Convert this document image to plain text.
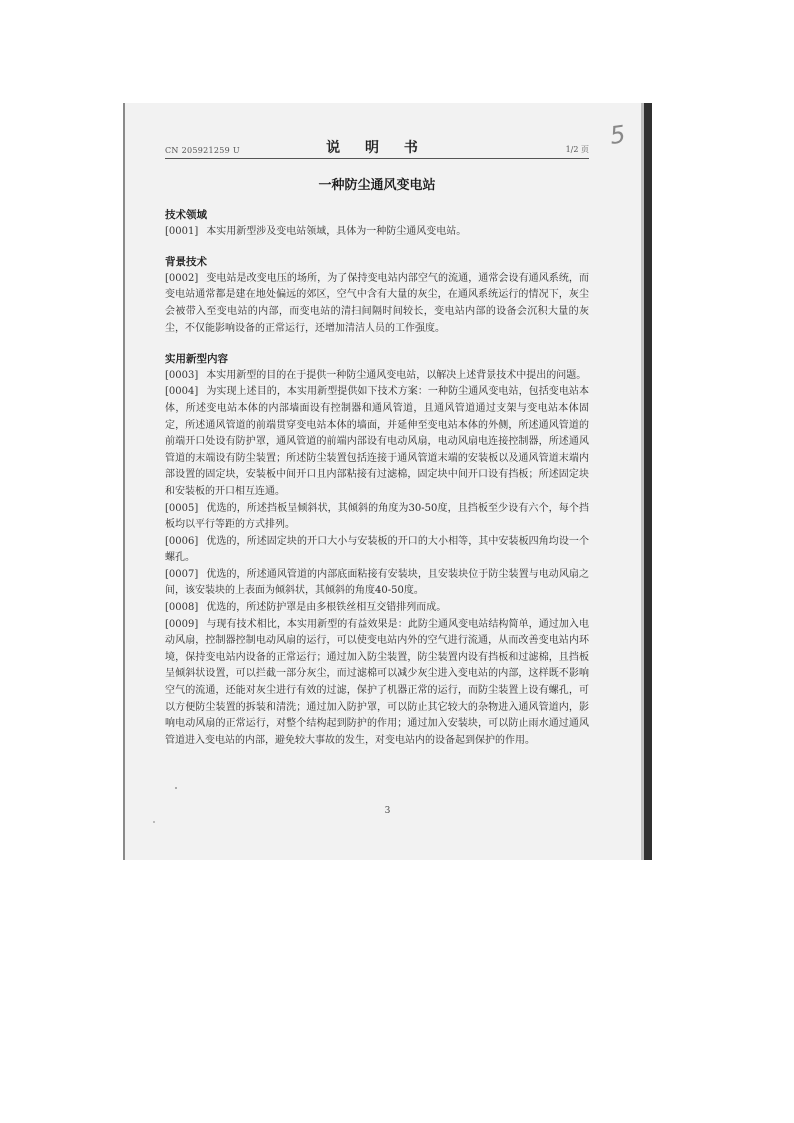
CN 205921259 U	说 明 书	1/2 页 5
一种防尘通风变电站
技术领域

[0001] 本实用新型涉及变电站领域，具体为一种防尘通风变电站。

背景技术

[0002] 变电站是改变电压的场所，为了保持变电站内部空气的流通，通常会设有通风系统，而变电站通常都是建在地处偏远的郊区，空气中含有大量的灰尘，在通风系统运行的情况下，灰尘会被带入至变电站的内部，而变电站的清扫间隔时间较长，变电站内部的设备会沉积大量的灰尘，不仅能影响设备的正常运行，还增加清洁人员的工作强度。

实用新型内容

[0003] 本实用新型的目的在于提供一种防尘通风变电站，以解决上述背景技术中提出的问题。

[0004] 为实现上述目的，本实用新型提供如下技术方案：一种防尘通风变电站，包括变电站本体，所述变电站本体的内部墙面设有控制器和通风管道，且通风管道通过支架与变电站本体固定，所述通风管道的前端贯穿变电站本体的墙面，并延伸至变电站本体的外侧，所述通风管道的前端开口处设有防护罩，通风管道的前端内部设有电动风扇，电动风扇电连接控制器，所述通风管道的末端设有防尘装置；所述防尘装置包括连接于通风管道末端的安装板以及通风管道末端内部设置的固定块，安装板中间开口且内部粘接有过滤棉，固定块中间开口设有挡板；所述固定块和安装板的开口相互连通。

[0005] 优选的，所述挡板呈倾斜状，其倾斜的角度为30-50度，且挡板至少设有六个，每个挡板均以平行等距的方式排列。

[0006] 优选的，所述固定块的开口大小与安装板的开口的大小相等，其中安装板四角均设一个螺孔。

[0007] 优选的，所述通风管道的内部底面粘接有安装块，且安装块位于防尘装置与电动风扇之间，该安装块的上表面为倾斜状，其倾斜的角度40-50度。

[0008] 优选的，所述防护罩是由多根铁丝相互交错排列而成。

[0009] 与现有技术相比，本实用新型的有益效果是：此防尘通风变电站结构简单，通过加入电动风扇，控制器控制电动风扇的运行，可以使变电站内外的空气进行流通，从而改善变电站内环境，保持变电站内设备的正常运行；通过加入防尘装置，防尘装置内设有挡板和过滤棉，且挡板呈倾斜状设置，可以拦截一部分灰尘，而过滤棉可以减少灰尘进入变电站的内部，这样既不影响空气的流通，还能对灰尘进行有效的过滤，保护了机器正常的运行，而防尘装置上设有螺孔，可以方便防尘装置的拆装和清洗；通过加入防护罩，可以防止其它较大的杂物进入通风管道内，影响电动风扇的正常运行，对整个结构起到防护的作用；通过加入安装块，可以防止雨水通过通风管道进入变电站的内部，避免较大事故的发生，对变电站内的设备起到保护的作用。

3
